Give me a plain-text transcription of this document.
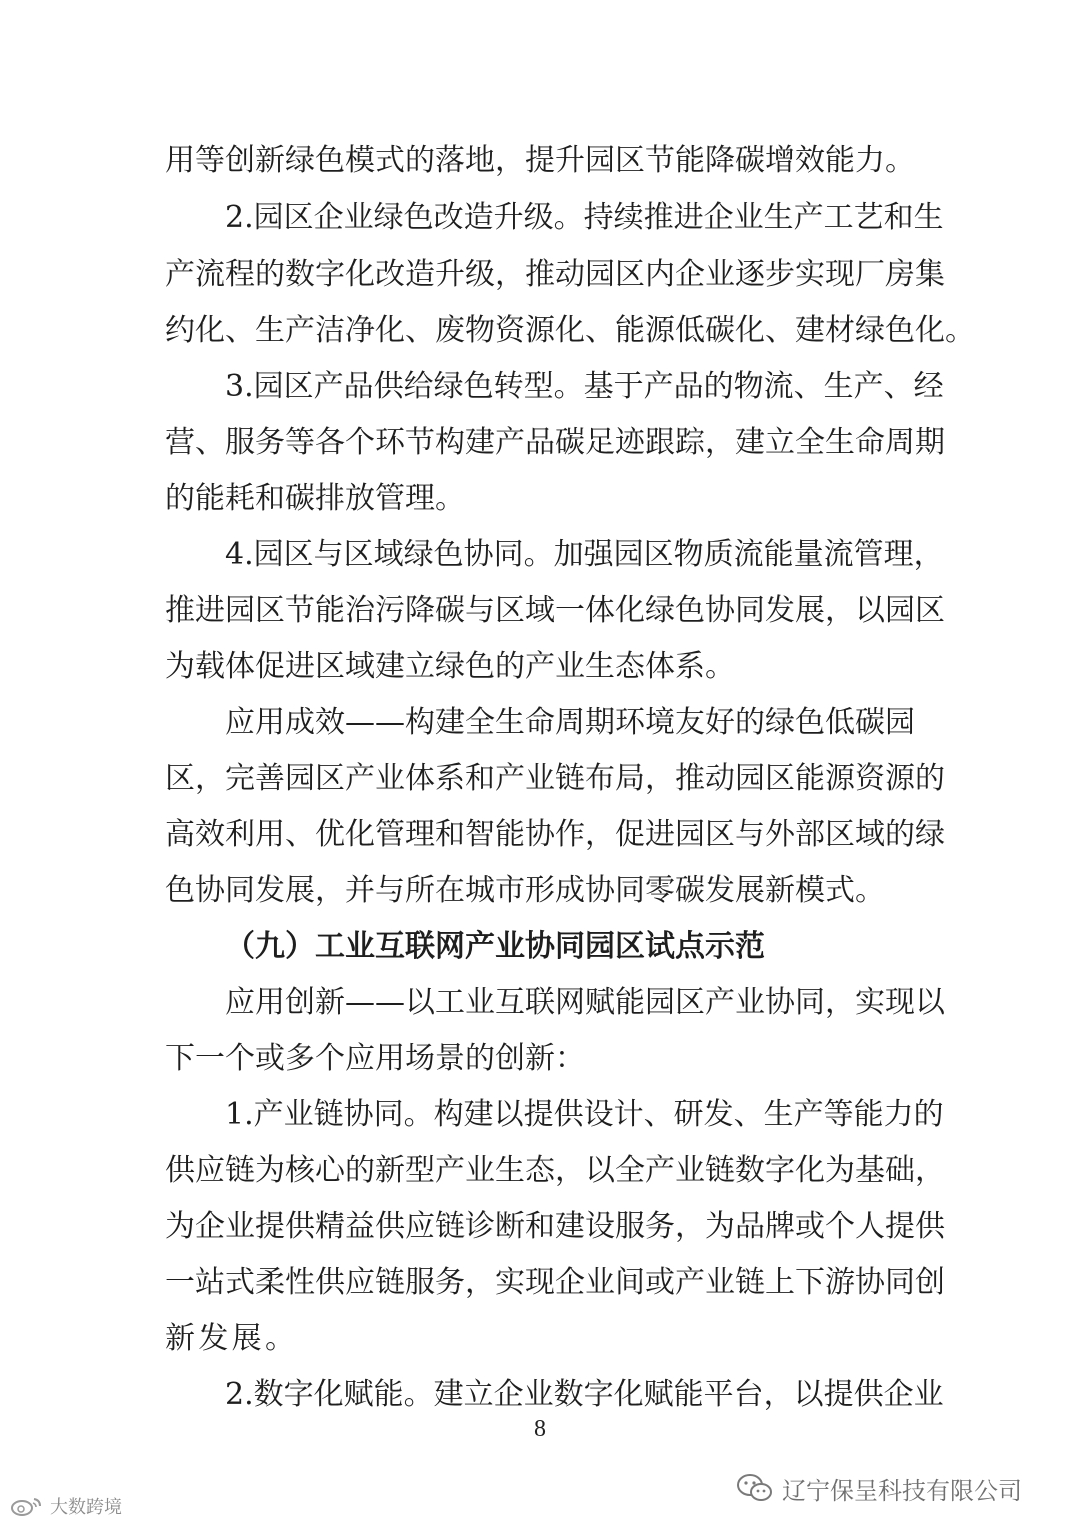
用等创新绿色模式的落地，提升园区节能降碳增效能力。
2.园区企业绿色改造升级。持续推进企业生产工艺和生
产流程的数字化改造升级，推动园区内企业逐步实现厂房集
约化、生产洁净化、废物资源化、能源低碳化、建材绿色化。
3.园区产品供给绿色转型。基于产品的物流、生产、经
营、服务等各个环节构建产品碳足迹跟踪，建立全生命周期
的能耗和碳排放管理。
4.园区与区域绿色协同。加强园区物质流能量流管理，
推进园区节能治污降碳与区域一体化绿色协同发展，以园区
为载体促进区域建立绿色的产业生态体系。
应用成效——构建全生命周期环境友好的绿色低碳园
区，完善园区产业体系和产业链布局，推动园区能源资源的
高效利用、优化管理和智能协作，促进园区与外部区域的绿
色协同发展，并与所在城市形成协同零碳发展新模式。
（九）工业互联网产业协同园区试点示范
应用创新——以工业互联网赋能园区产业协同，实现以
下一个或多个应用场景的创新：
1.产业链协同。构建以提供设计、研发、生产等能力的
供应链为核心的新型产业生态，以全产业链数字化为基础，
为企业提供精益供应链诊断和建设服务，为品牌或个人提供
一站式柔性供应链服务，实现企业间或产业链上下游协同创
新发展。
2.数字化赋能。建立企业数字化赋能平台，以提供企业
8
大数跨境
辽宁保呈科技有限公司
